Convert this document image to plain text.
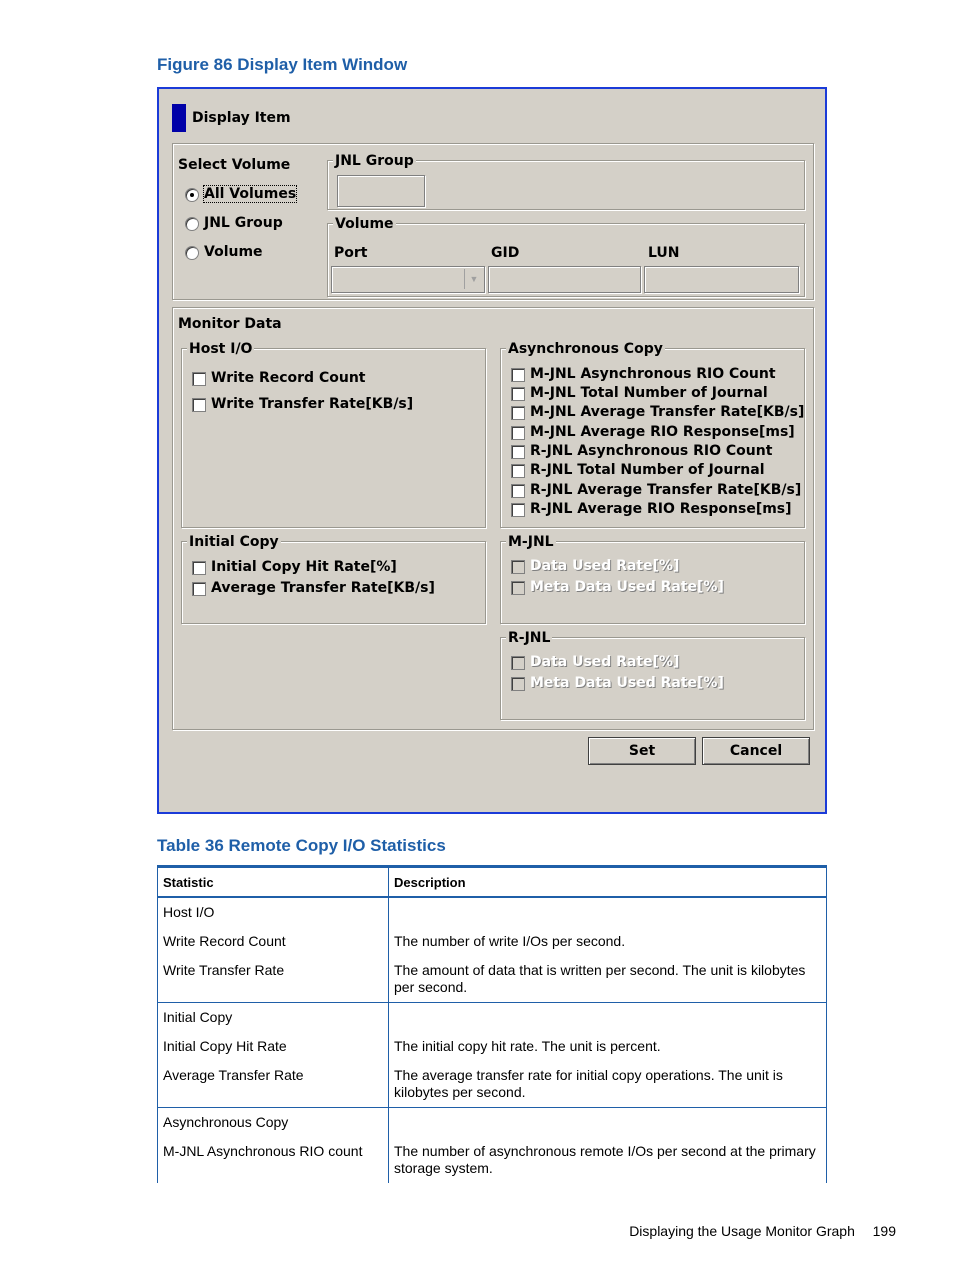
Figure 86 Display Item Window
Display Item
Select Volume
All Volumes
JNL Group
Volume
JNL Group
Volume
Port	GID	LUN
▼
Monitor Data
Host I/O
Write Record Count
Write Transfer Rate[KB/s]
Initial Copy
Initial Copy Hit Rate[%]
Average Transfer Rate[KB/s]
Asynchronous Copy
M-JNL Asynchronous RIO Count
M-JNL Total Number of Journal
M-JNL Average Transfer Rate[KB/s]
M-JNL Average RIO Response[ms]
R-JNL Asynchronous RIO Count
R-JNL Total Number of Journal
R-JNL Average Transfer Rate[KB/s]
R-JNL Average RIO Response[ms]
M-JNL
Data Used Rate[%]
Meta Data Used Rate[%]
R-JNL
Data Used Rate[%]
Meta Data Used Rate[%]
Set	Cancel
Table 36 Remote Copy I/O Statistics
Statistic	Description

Host I/O	

Write Record Count	The number of write I/Os per second.

Write Transfer Rate	The amount of data that is written per second. The unit is kilobytes per second.

Initial Copy	

Initial Copy Hit Rate	The initial copy hit rate. The unit is percent.

Average Transfer Rate	The average transfer rate for initial copy operations. The unit is kilobytes per second.

Asynchronous Copy	

M-JNL Asynchronous RIO count	The number of asynchronous remote I/Os per second at the primary storage system.
Displaying the Usage Monitor Graph 199
